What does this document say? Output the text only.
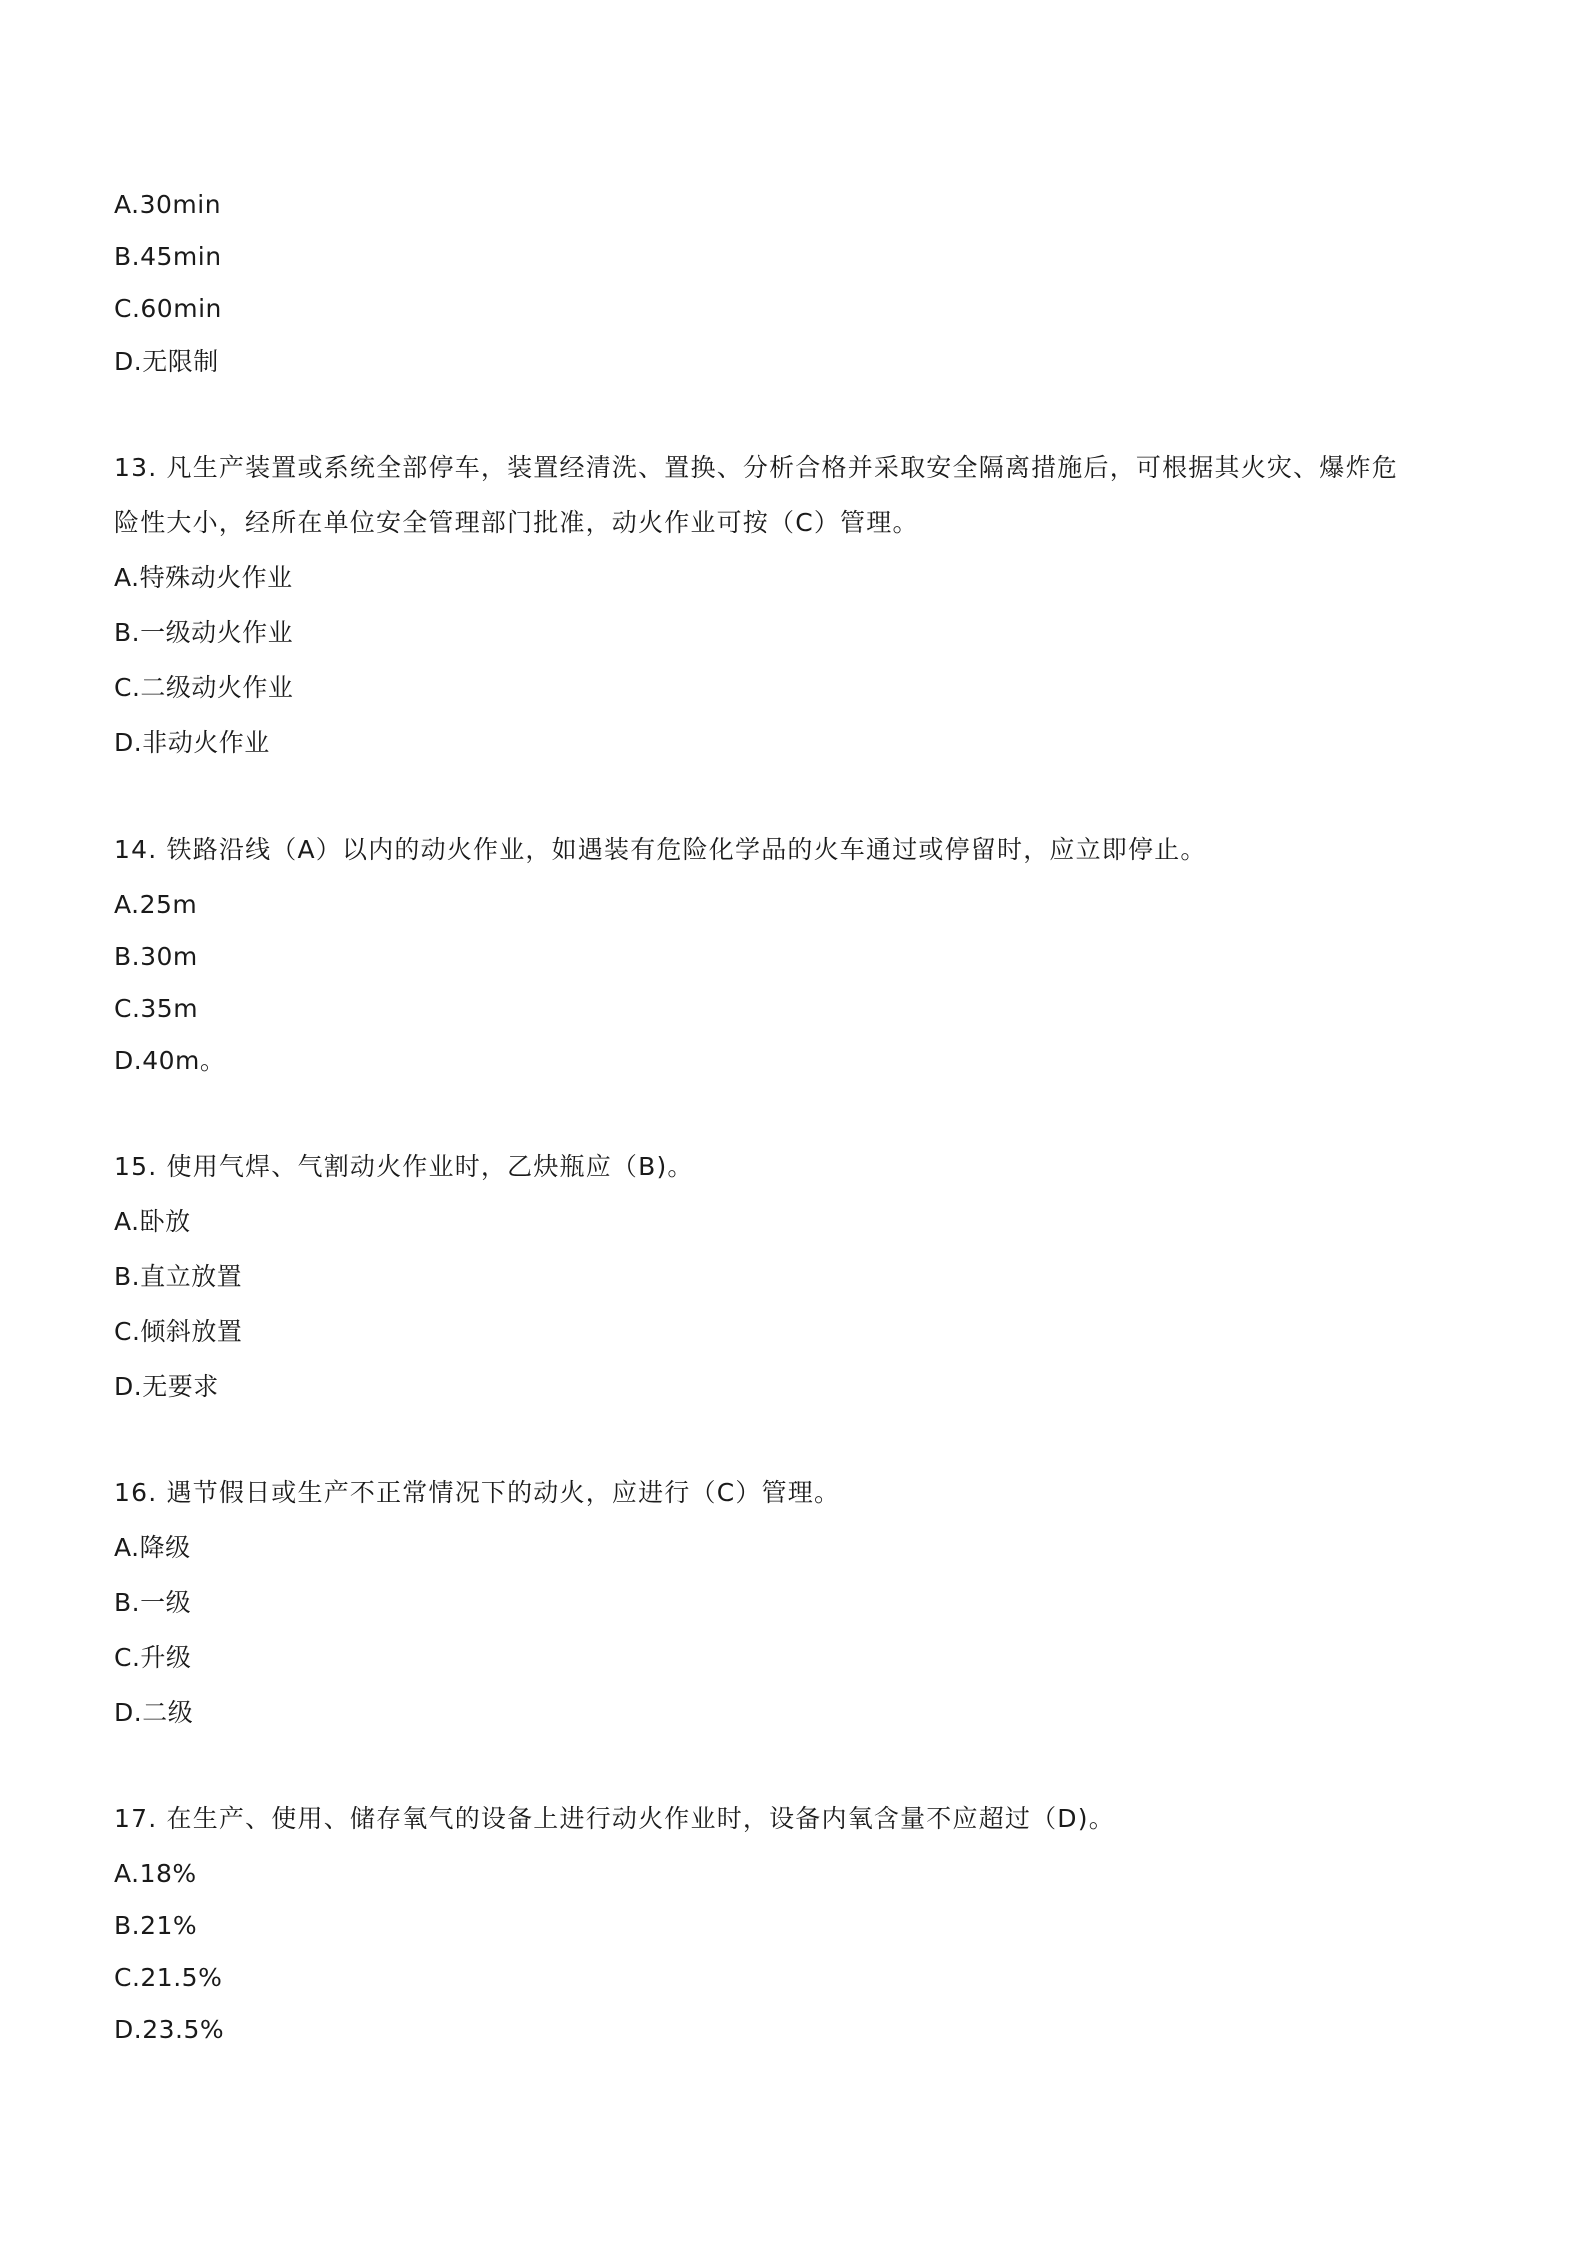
A.30min
B.45min
C.60min
D.无限制
13. 凡生产装置或系统全部停车，装置经清洗、置换、分析合格并采取安全隔离措施后，可根据其火灾、爆炸危
险性大小，经所在单位安全管理部门批准，动火作业可按（C）管理。
A.特殊动火作业
B.一级动火作业
C.二级动火作业
D.非动火作业
14. 铁路沿线（A）以内的动火作业，如遇装有危险化学品的火车通过或停留时，应立即停止。
A.25m
B.30m
C.35m
D.40m。
15. 使用气焊、气割动火作业时，乙炔瓶应（B)。
A.卧放
B.直立放置
C.倾斜放置
D.无要求
16. 遇节假日或生产不正常情况下的动火，应进行（C）管理。
A.降级
B.一级
C.升级
D.二级
17. 在生产、使用、储存氧气的设备上进行动火作业时，设备内氧含量不应超过（D)。
A.18%
B.21%
C.21.5%
D.23.5%
